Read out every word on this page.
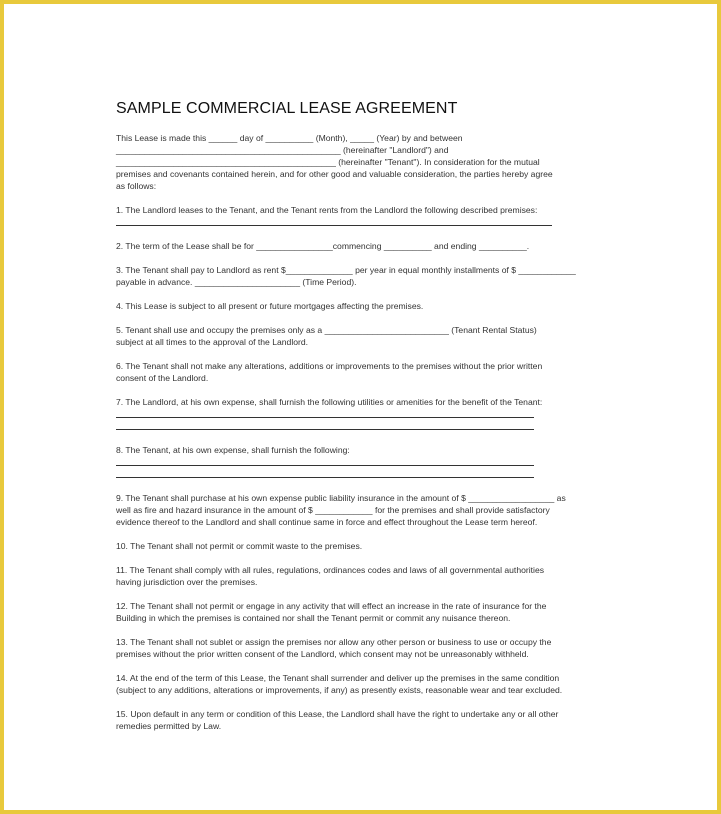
SAMPLE COMMERCIAL LEASE AGREEMENT
This Lease is made this ______ day of __________ (Month), _____ (Year) by and between
_______________________________________________ (hereinafter "Landlord") and
______________________________________________ (hereinafter "Tenant"). In consideration for the mutual
premises and covenants contained herein, and for other good and valuable consideration, the parties hereby agree
as follows:
1. The Landlord leases to the Tenant, and the Tenant rents from the Landlord the following described premises:
2. The term of the Lease shall be for ________________commencing __________ and ending __________.
3. The Tenant shall pay to Landlord as rent $______________ per year in equal monthly installments of $ ____________
payable in advance. ______________________ (Time Period).
4. This Lease is subject to all present or future mortgages affecting the premises.
5. Tenant shall use and occupy the premises only as a __________________________ (Tenant Rental Status)
subject at all times to the approval of the Landlord.
6. The Tenant shall not make any alterations, additions or improvements to the premises without the prior written
consent of the Landlord.
7. The Landlord, at his own expense, shall furnish the following utilities or amenities for the benefit of the Tenant:
8. The Tenant, at his own expense, shall furnish the following:
9. The Tenant shall purchase at his own expense public liability insurance in the amount of $ __________________ as
well as fire and hazard insurance in the amount of $ ____________ for the premises and shall provide satisfactory
evidence thereof to the Landlord and shall continue same in force and effect throughout the Lease term hereof.
10. The Tenant shall not permit or commit waste to the premises.
11. The Tenant shall comply with all rules, regulations, ordinances codes and laws of all governmental authorities
having jurisdiction over the premises.
12. The Tenant shall not permit or engage in any activity that will effect an increase in the rate of insurance for the
Building in which the premises is contained nor shall the Tenant permit or commit any nuisance thereon.
13. The Tenant shall not sublet or assign the premises nor allow any other person or business to use or occupy the
premises without the prior written consent of the Landlord, which consent may not be unreasonably withheld.
14. At the end of the term of this Lease, the Tenant shall surrender and deliver up the premises in the same condition
(subject to any additions, alterations or improvements, if any) as presently exists, reasonable wear and tear excluded.
15. Upon default in any term or condition of this Lease, the Landlord shall have the right to undertake any or all other
remedies permitted by Law.
